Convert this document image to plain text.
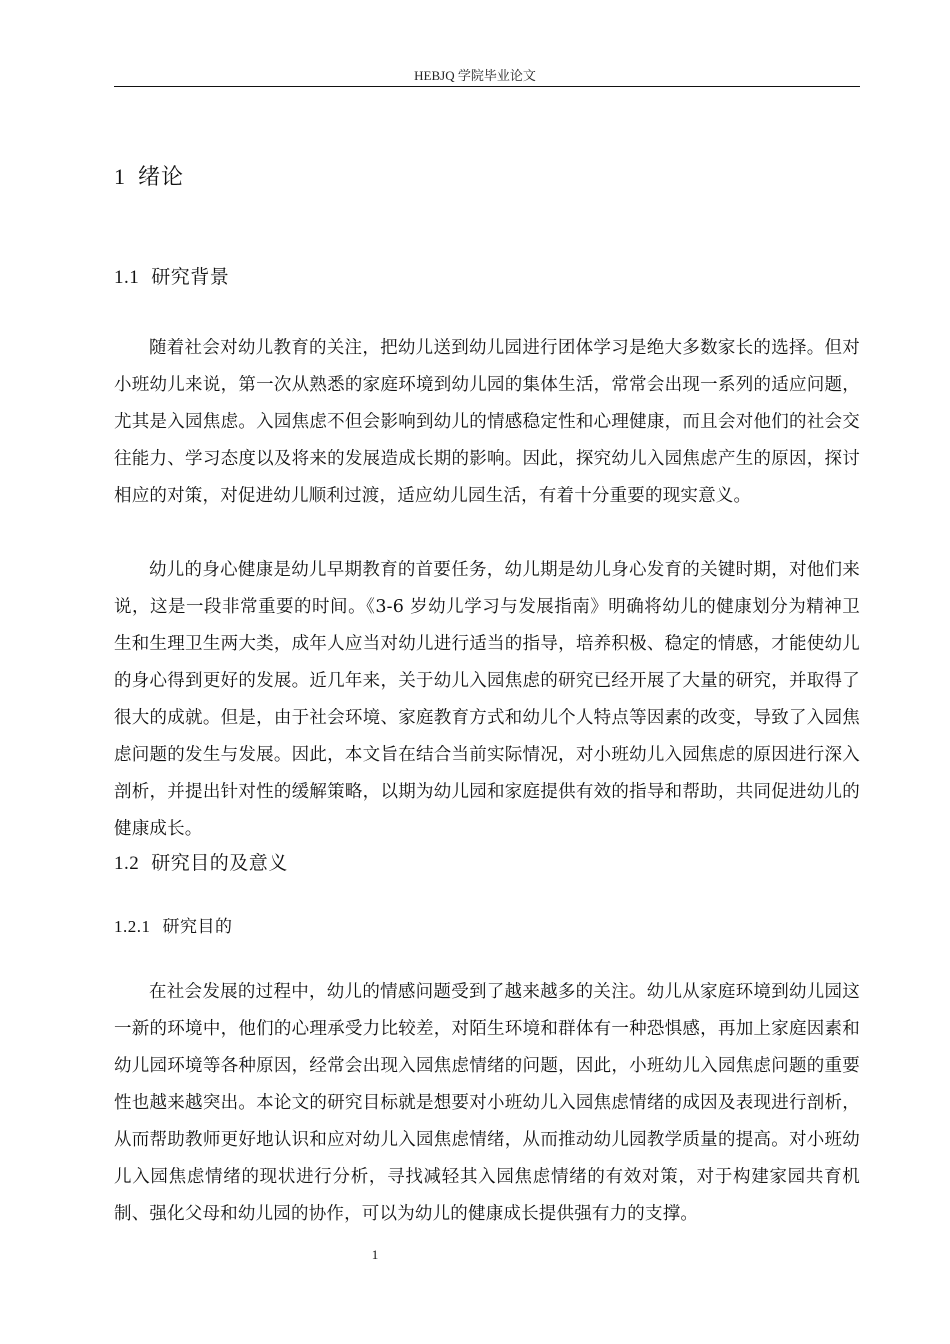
HEBJQ 学院毕业论文
1 绪论
1.1 研究背景

随着社会对幼儿教育的关注，把幼儿送到幼儿园进行团体学习是绝大多数家长的选择。但对小班幼儿来说，第一次从熟悉的家庭环境到幼儿园的集体生活，常常会出现一系列的适应问题，尤其是入园焦虑。入园焦虑不但会影响到幼儿的情感稳定性和心理健康，而且会对他们的社会交往能力、学习态度以及将来的发展造成长期的影响。因此，探究幼儿入园焦虑产生的原因，探讨相应的对策，对促进幼儿顺利过渡，适应幼儿园生活，有着十分重要的现实意义。

幼儿的身心健康是幼儿早期教育的首要任务，幼儿期是幼儿身心发育的关键时期，对他们来说，这是一段非常重要的时间。《3-6 岁幼儿学习与发展指南》明确将幼儿的健康划分为精神卫生和生理卫生两大类，成年人应当对幼儿进行适当的指导，培养积极、稳定的情感，才能使幼儿的身心得到更好的发展。近几年来，关于幼儿入园焦虑的研究已经开展了大量的研究，并取得了很大的成就。但是，由于社会环境、家庭教育方式和幼儿个人特点等因素的改变，导致了入园焦虑问题的发生与发展。因此，本文旨在结合当前实际情况，对小班幼儿入园焦虑的原因进行深入剖析，并提出针对性的缓解策略，以期为幼儿园和家庭提供有效的指导和帮助，共同促进幼儿的健康成长。

1.2 研究目的及意义
1.2.1 研究目的

在社会发展的过程中，幼儿的情感问题受到了越来越多的关注。幼儿从家庭环境到幼儿园这一新的环境中，他们的心理承受力比较差，对陌生环境和群体有一种恐惧感，再加上家庭因素和幼儿园环境等各种原因，经常会出现入园焦虑情绪的问题，因此，小班幼儿入园焦虑问题的重要性也越来越突出。本论文的研究目标就是想要对小班幼儿入园焦虑情绪的成因及表现进行剖析，从而帮助教师更好地认识和应对幼儿入园焦虑情绪，从而推动幼儿园教学质量的提高。对小班幼儿入园焦虑情绪的现状进行分析，寻找减轻其入园焦虑情绪的有效对策，对于构建家园共育机制、强化父母和幼儿园的协作，可以为幼儿的健康成长提供强有力的支撑。

1
